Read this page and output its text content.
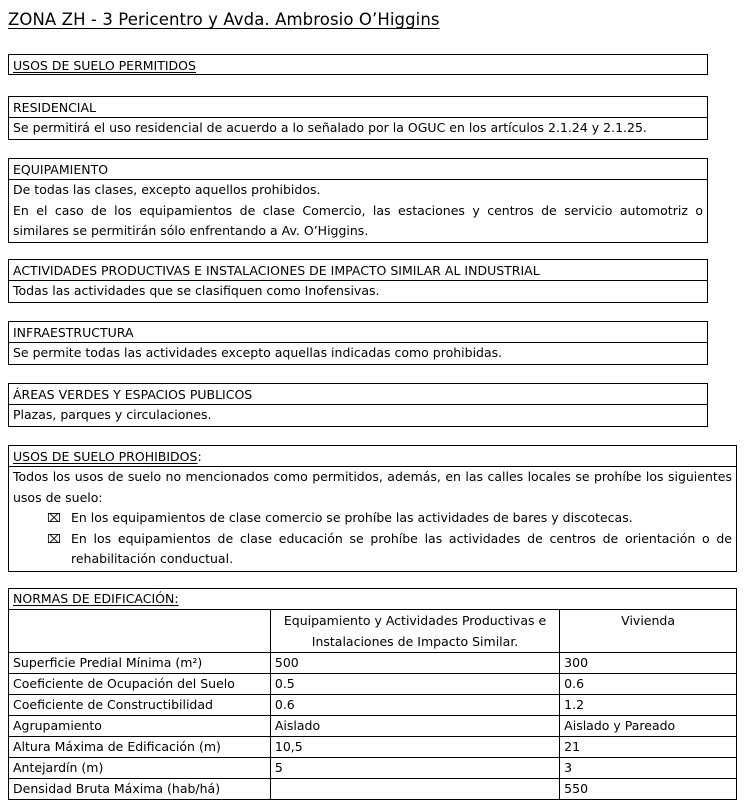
ZONA ZH - 3 Pericentro y Avda. Ambrosio O’Higgins
USOS DE SUELO PERMITIDOS
RESIDENCIAL

Se permitirá el uso residencial de acuerdo a lo señalado por la OGUC en los artículos 2.1.24 y 2.1.25.

EQUIPAMIENTO

De todas las clases, excepto aquellos prohibidos.

En el caso de los equipamientos de clase Comercio, las estaciones y centros de servicio automotriz o similares se permitirán sólo enfrentando a Av. O’Higgins.

ACTIVIDADES PRODUCTIVAS E INSTALACIONES DE IMPACTO SIMILAR AL INDUSTRIAL

Todas las actividades que se clasifiquen como Inofensivas.

INFRAESTRUCTURA

Se permite todas las actividades excepto aquellas indicadas como prohibidas.

ÁREAS VERDES Y ESPACIOS PUBLICOS

Plazas, parques y circulaciones.

USOS DE SUELO PROHIBIDOS:

Todos los usos de suelo no mencionados como permitidos, además, en las calles locales se prohíbe los siguientes usos de suelo:

⌧ En los equipamientos de clase comercio se prohíbe las actividades de bares y discotecas.
⌧ En los equipamientos de clase educación se prohíbe las actividades de centros de orientación o de rehabilitación conductual.
NORMAS DE EDIFICACIÓN:		
	Equipamiento y Actividades Productivas e Instalaciones de Impacto Similar.	Vivienda
Superficie Predial Mínima (m²)	500	300
Coeficiente de Ocupación del Suelo	0.5	0.6
Coeficiente de Constructibilidad	0.6	1.2
Agrupamiento	Aislado	Aislado y Pareado
Altura Máxima de Edificación (m)	10,5	21
Antejardín (m)	5	3
Densidad Bruta Máxima (hab/há)		550
